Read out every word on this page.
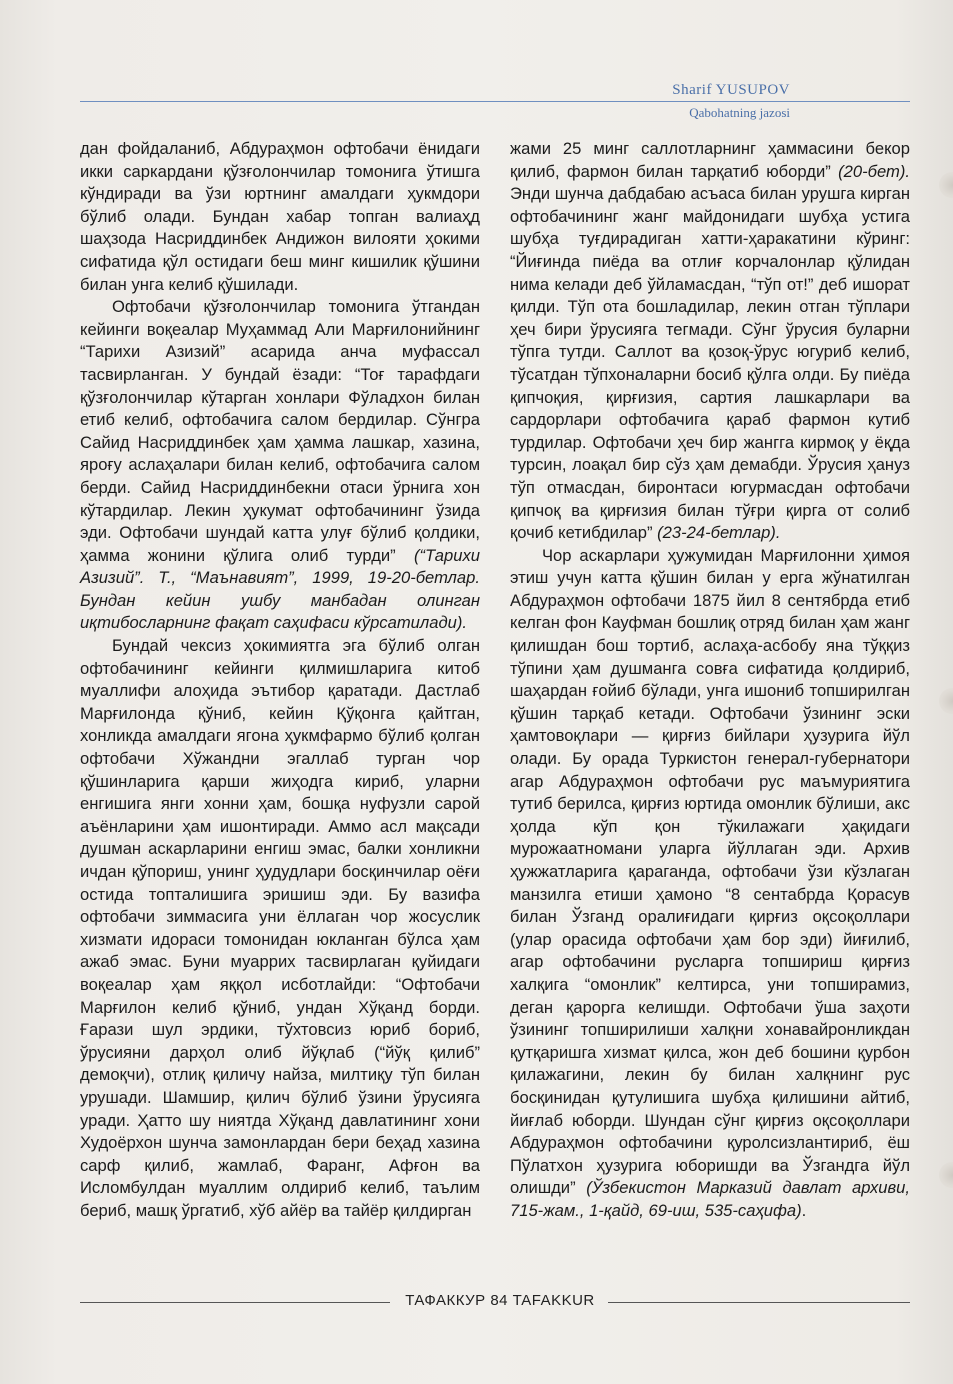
Sharif YUSUPOV
Qabohatning jazosi

дан фойдаланиб, Абдураҳмон офтобачи ёнидаги икки саркардани қўзғолончилар томонига ўтишга кўндиради ва ўзи юртнинг амалдаги ҳукмдори бўлиб олади. Бундан хабар топган валиаҳд шаҳзода Насриддинбек Андижон вилояти ҳокими сифатида қўл остидаги беш минг кишилик қўшини билан унга келиб қўшилади.

Офтобачи қўзғолончилар томонига ўтгандан кейинги воқеалар Муҳаммад Али Марғилонийнинг “Тарихи Азизий” асарида анча муфассал тасвирланган. У бундай ёзади: “Тоғ тарафдаги қўзғолончилар кўтарган хонлари Фўладхон билан етиб келиб, офтобачига салом бердилар. Сўнгра Сайид Насриддинбек ҳам ҳамма лашкар, хазина, ярoғу аслаҳалари билан келиб, офтобачига салом берди. Сайид Насриддинбекни отаси ўрнига хон кўтардилар. Лекин ҳукумат офтобачининг ўзида эди. Офтобачи шундай катта улуғ бўлиб қолдики, ҳамма жонини қўлига олиб турди” (“Тарихи Азизий”. Т., “Маънавият”, 1999, 19-20-бетлар. Бундан кейин ушбу манбадан олинган иқтибосларнинг фақат саҳифаси кўрсатилади).

Бундай чексиз ҳокимиятга эга бўлиб олган офтобачининг кейинги қилмишларига китоб муаллифи алоҳида эътибор қаратади. Дастлаб Марғилонда қўниб, кейин Қўқонга қайтган, хонликда амалдаги ягона ҳукмфармо бўлиб қолган офтобачи Хўжандни эгаллаб турган чор қўшинларига қарши жиҳодга кириб, уларни енгишига янги хонни ҳам, бошқа нуфузли сарой аъёнларини ҳам ишонтиради. Аммо асл мақсади душман аскарларини енгиш эмас, балки хонликни ичдан қўпориш, унинг ҳудудлари босқинчилар оёғи остида топталишига эришиш эди. Бу вазифа офтобачи зиммасига уни ёллаган чор жосуслик хизмати идораси томонидан юкланган бўлса ҳам ажаб эмас. Буни муаррих тасвирлаган қуйидаги воқеалар ҳам яққол исботлайди: “Офтобачи Марғилон келиб қўниб, ундан Хўқанд борди. Ғарази шул эрдики, тўхтовсиз юриб бориб, ўрусияни дарҳол олиб йўқлаб (“йўқ қилиб” демоқчи), отлиқ қиличу найза, милтиқу тўп билан урушади. Шамшир, қилич бўлиб ўзини ўрусияга уради. Ҳатто шу ниятда Хўқанд давлатининг хони Худоёрхон шунча замонлардан бери беҳад хазина сарф қилиб, жамлаб, Фаранг, Афғон ва Исломбулдан муаллим олдириб келиб, таълим бериб, машқ ўргатиб, хўб айёр ва тайёр қилдирган

жами 25 минг саллотларнинг ҳаммасини бекор қилиб, фармон билан тарқатиб юборди” (20-бет). Энди шунча дабдабаю асъаса билан урушга кирган офтобачининг жанг майдонидаги шубҳа устига шубҳа туғдирадиган хатти-ҳаракатини кўринг: “Йиғинда пиёда ва отлиғ корчалонлар қўлидан нима келади деб ўйламасдан, “тўп от!” деб ишорат қилди. Тўп ота бошладилар, лекин отган тўплари ҳеч бири ўрусияга тегмади. Сўнг ўрусия буларни тўпга тутди. Саллот ва қозоқ-ўрус югуриб келиб, тўсатдан тўпхоналарни босиб қўлга олди. Бу пиёда қипчоқия, қирғизия, сартия лашкарлари ва сардорлари офтобачига қараб фармон кутиб турдилар. Офтобачи ҳеч бир жангга кирмоқ у ёқда турсин, лоақал бир сўз ҳам демабди. Ўрусия ҳануз тўп отмасдан, биронтаси югурмасдан офтобачи қипчоқ ва қирғизия билан тўғри қирга от солиб қочиб кетибдилар” (23-24-бетлар).

Чор аскарлари ҳужумидан Марғилонни ҳимоя этиш учун катта қўшин билан у ерга жўнатилган Абдураҳмон офтобачи 1875 йил 8 сентябрда етиб келган фон Кауфман бошлиқ отряд билан ҳам жанг қилишдан бош тортиб, аслаҳа-асбобу яна тўққиз тўпини ҳам душманга совға сифатида қолдириб, шаҳардан ғойиб бўлади, унга ишониб топширилган қўшин тарқаб кетади. Офтобачи ўзининг эски ҳамтовоқлари — қирғиз бийлари ҳузурига йўл олади. Бу орада Туркистон генерал-губернатори агар Абдураҳмон офтобачи рус маъмуриятига тутиб берилса, қирғиз юртида омонлик бўлиши, акс ҳолда кўп қон тўкилажаги ҳақидаги мурожаатномани уларга йўллаган эди. Архив ҳужжатларига қараганда, офтобачи ўзи кўзлаган манзилга етиши ҳамоно “8 сентабрда Қорасув билан Ўзганд оралиғидаги қирғиз оқсоқоллари (улар орасида офтобачи ҳам бор эди) йиғилиб, агар офтобачини русларга топшириш қирғиз халқига “омонлик” келтирса, уни топширамиз, деган қарорга келишди. Офтобачи ўша заҳоти ўзининг топширилиши халқни хонавайронликдан қутқаришга хизмат қилса, жон деб бошини қурбон қилажагини, лекин бу билан халқнинг рус босқинидан қутулишига шубҳа қилишини айтиб, йиғлаб юборди. Шундан сўнг қирғиз оқсоқоллари Абдураҳмон офтобачини қуролсизлантириб, ёш Пўлатхон ҳузурига юборишди ва Ўзгандга йўл олишди” (Ўзбекистон Марказий давлат архиви, 715-жам., 1-қайд, 69-иш, 535-саҳифа).

ТАФАККУР 84 TAFAKKUR
